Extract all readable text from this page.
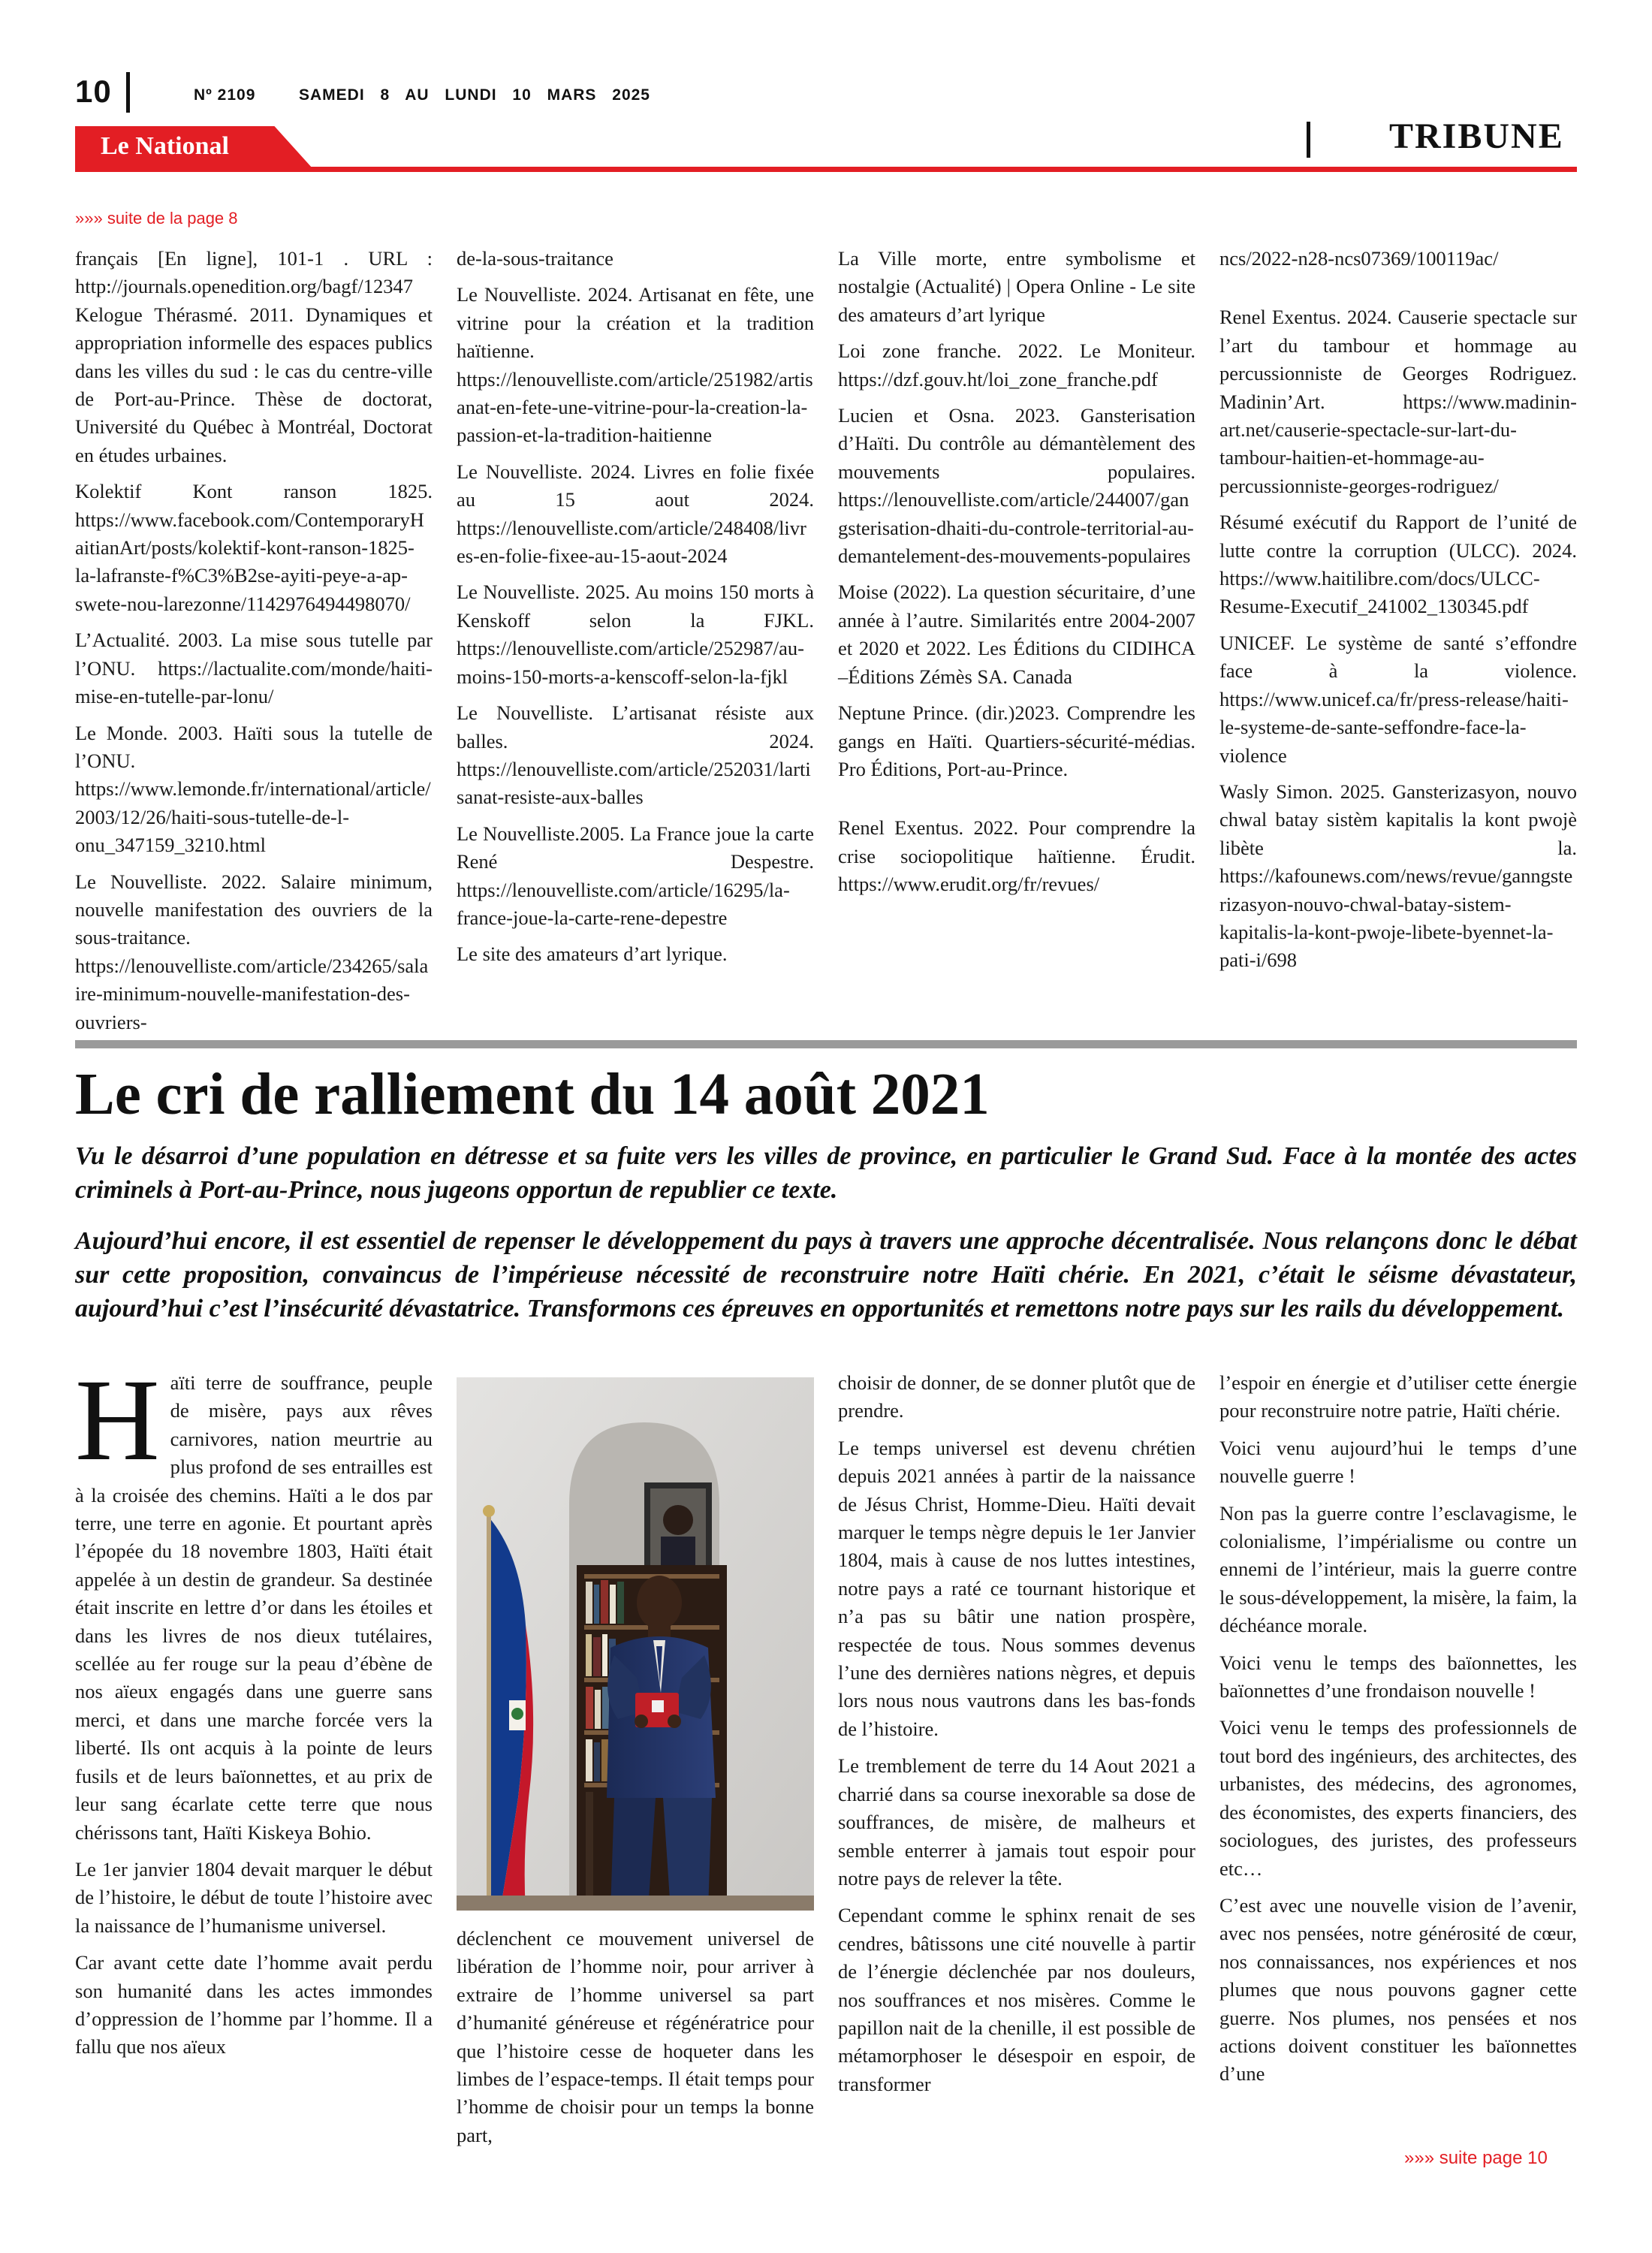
10	Nº 2109	SAMEDI 8 AU LUNDI 10 MARS 2025
Le National	TRIBUNE
»»» suite de la page 8

français [En ligne], 101-1 . URL : http://journals.openedition.org/bagf/12347 Kelogue Thérasmé. 2011. Dynamiques et appropriation informelle des espaces publics dans les villes du sud : le cas du centre-ville de Port-au-Prince. Thèse de doctorat, Université du Québec à Montréal, Doctorat en études urbaines.

Kolektif Kont ranson 1825. https://www.facebook.com/ContemporaryHaitianArt/posts/kolektif-kont-ranson-1825-la-lafranste-f%C3%B2se-ayiti-peye-a-ap-swete-nou-larezonne/1142976494498070/

L’Actualité. 2003. La mise sous tutelle par l’ONU. https://lactualite.com/monde/haiti-mise-en-tutelle-par-lonu/

Le Monde. 2003. Haïti sous la tutelle de l’ONU. https://www.lemonde.fr/international/article/2003/12/26/haiti-sous-tutelle-de-l-onu_347159_3210.html

Le Nouvelliste. 2022. Salaire minimum, nouvelle manifestation des ouvriers de la sous-traitance. https://lenouvelliste.com/article/234265/salaire-minimum-nouvelle-manifestation-des-ouvriers-

de-la-sous-traitance

Le Nouvelliste. 2024. Artisanat en fête, une vitrine pour la création et la tradition haïtienne. https://lenouvelliste.com/article/251982/artisanat-en-fete-une-vitrine-pour-la-creation-la-passion-et-la-tradition-haitienne

Le Nouvelliste. 2024. Livres en folie fixée au 15 aout 2024. https://lenouvelliste.com/article/248408/livres-en-folie-fixee-au-15-aout-2024

Le Nouvelliste. 2025. Au moins 150 morts à Kenskoff selon la FJKL. https://lenouvelliste.com/article/252987/au-moins-150-morts-a-kenscoff-selon-la-fjkl

Le Nouvelliste. L’artisanat résiste aux balles. 2024. https://lenouvelliste.com/article/252031/lartisanat-resiste-aux-balles

Le Nouvelliste.2005. La France joue la carte René Despestre. https://lenouvelliste.com/article/16295/la-france-joue-la-carte-rene-depestre

Le site des amateurs d’art lyrique.

La Ville morte, entre symbolisme et nostalgie (Actualité) | Opera Online - Le site des amateurs d’art lyrique

Loi zone franche. 2022. Le Moniteur. https://dzf.gouv.ht/loi_zone_franche.pdf

Lucien et Osna. 2023. Gansterisation d’Haïti. Du contrôle au démantèlement des mouvements populaires. https://lenouvelliste.com/article/244007/gangsterisation-dhaiti-du-controle-territorial-au-demantelement-des-mouvements-populaires

Moise (2022). La question sécuritaire, d’une année à l’autre. Similarités entre 2004-2007 et 2020 et 2022. Les Éditions du CIDIHCA –Éditions Zémès SA. Canada

Neptune Prince. (dir.)2023. Comprendre les gangs en Haïti. Quartiers-sécurité-médias. Pro Éditions, Port-au-Prince.

Renel Exentus. 2022. Pour comprendre la crise sociopolitique haïtienne. Érudit. https://www.erudit.org/fr/revues/

ncs/2022-n28-ncs07369/100119ac/

Renel Exentus. 2024. Causerie spectacle sur l’art du tambour et hommage au percussionniste de Georges Rodriguez. Madinin’Art. https://www.madinin-art.net/causerie-spectacle-sur-lart-du-tambour-haitien-et-hommage-au-percussionniste-georges-rodriguez/

Résumé exécutif du Rapport de l’unité de lutte contre la corruption (ULCC). 2024. https://www.haitilibre.com/docs/ULCC-Resume-Executif_241002_130345.pdf

UNICEF. Le système de santé s’effondre face à la violence. https://www.unicef.ca/fr/press-release/haiti-le-systeme-de-sante-seffondre-face-la-violence

Wasly Simon. 2025. Gansterizasyon, nouvo chwal batay sistèm kapitalis la kont pwojè libète la. https://kafounews.com/news/revue/ganngsterizasyon-nouvo-chwal-batay-sistem-kapitalis-la-kont-pwoje-libete-byennet-la-pati-i/698

Le cri de ralliement du 14 août 2021

Vu le désarroi d’une population en détresse et sa fuite vers les villes de province, en particulier le Grand Sud. Face à la montée des actes criminels à Port-au-Prince, nous jugeons opportun de republier ce texte.

Aujourd’hui encore, il est essentiel de repenser le développement du pays à travers une approche décentralisée. Nous relançons donc le débat sur cette proposition, convaincus de l’impérieuse nécessité de reconstruire notre Haïti chérie. En 2021, c’était le séisme dévastateur, aujourd’hui c’est l’insécurité dévastatrice. Transformons ces épreuves en opportunités et remettons notre pays sur les rails du développement.

Haïti terre de souffrance, peuple de misère, pays aux rêves carnivores, nation meurtrie au plus profond de ses entrailles est à la croisée des chemins. Haïti a le dos par terre, une terre en agonie. Et pourtant après l’épopée du 18 novembre 1803, Haïti était appelée à un destin de grandeur. Sa destinée était inscrite en lettre d’or dans les étoiles et dans les livres de nos dieux tutélaires, scellée au fer rouge sur la peau d’ébène de nos aïeux engagés dans une guerre sans merci, et dans une marche forcée vers la liberté. Ils ont acquis à la pointe de leurs fusils et de leurs baïonnettes, et au prix de leur sang écarlate cette terre que nous chérissons tant, Haïti Kiskeya Bohio.

Le 1er janvier 1804 devait marquer le début de l’histoire, le début de toute l’histoire avec la naissance de l’humanisme universel.

Car avant cette date l’homme avait perdu son humanité dans les actes immondes d’oppression de l’homme par l’homme. Il a fallu que nos aïeux

déclenchent ce mouvement universel de libération de l’homme noir, pour arriver à extraire de l’homme universel sa part d’humanité généreuse et régénératrice pour que l’histoire cesse de hoqueter dans les limbes de l’espace-temps. Il était temps pour l’homme de choisir pour un temps la bonne part,

choisir de donner, de se donner plutôt que de prendre.

Le temps universel est devenu chrétien depuis 2021 années à partir de la naissance de Jésus Christ, Homme-Dieu. Haïti devait marquer le temps nègre depuis le 1er Janvier 1804, mais à cause de nos luttes intestines, notre pays a raté ce tournant historique et n’a pas su bâtir une nation prospère, respectée de tous. Nous sommes devenus l’une des dernières nations nègres, et depuis lors nous nous vautrons dans les bas-fonds de l’histoire.

Le tremblement de terre du 14 Aout 2021 a charrié dans sa course inexorable sa dose de souffrances, de misère, de malheurs et semble enterrer à jamais tout espoir pour notre pays de relever la tête.

Cependant comme le sphinx renait de ses cendres, bâtissons une cité nouvelle à partir de l’énergie déclenchée par nos douleurs, nos souffrances et nos misères. Comme le papillon nait de la chenille, il est possible de métamorphoser le désespoir en espoir, de transformer

l’espoir en énergie et d’utiliser cette énergie pour reconstruire notre patrie, Haïti chérie.

Voici venu aujourd’hui le temps d’une nouvelle guerre !

Non pas la guerre contre l’esclavagisme, le colonialisme, l’impérialisme ou contre un ennemi de l’intérieur, mais la guerre contre le sous-développement, la misère, la faim, la déchéance morale.

Voici venu le temps des baïonnettes, les baïonnettes d’une frondaison nouvelle !

Voici venu le temps des professionnels de tout bord des ingénieurs, des architectes, des urbanistes, des médecins, des agronomes, des économistes, des experts financiers, des sociologues, des juristes, des professeurs etc…

C’est avec une nouvelle vision de l’avenir, avec nos pensées, notre générosité de cœur, nos connaissances, nos expériences et nos plumes que nous pouvons gagner cette guerre. Nos plumes, nos pensées et nos actions doivent constituer les baïonnettes d’une

»»» suite page 10
